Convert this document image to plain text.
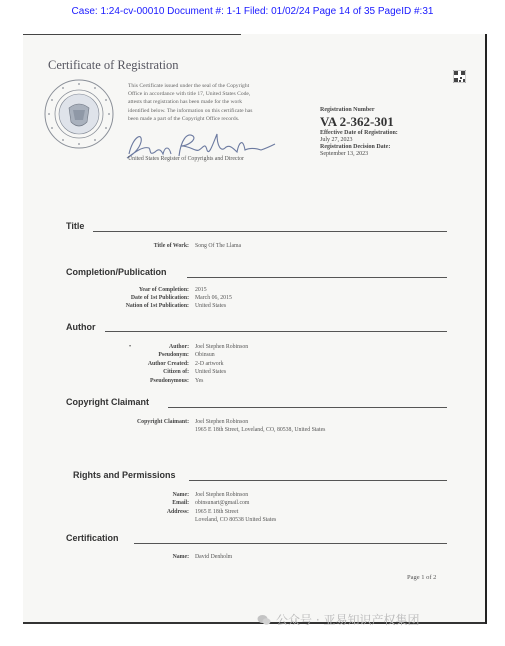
Case: 1:24-cv-00010 Document #: 1-1 Filed: 01/02/24 Page 14 of 35 PageID #:31
Certificate of Registration
This Certificate issued under the seal of the Copyright
Office in accordance with title 17, United States Code,
attests that registration has been made for the work
identified below. The information on this certificate has
been made a part of the Copyright Office records.
United States Register of Copyrights and Director
Registration Number
VA 2-362-301
Effective Date of Registration:
July 27, 2023
Registration Decision Date:
September 13, 2023
Title
Title of Work: Song Of The Llama
Completion/Publication
Year of Completion: 2015
Date of 1st Publication: March 06, 2015
Nation of 1st Publication: United States
Author
•	Author: Joel Stephen Robinson
Pseudonym: Obinsun
Author Created: 2-D artwork
Citizen of: United States
Pseudonymous: Yes
Copyright Claimant
Copyright Claimant: Joel Stephen Robinson
1965 E 18th Street, Loveland, CO, 80538, United States
Rights and Permissions
Name: Joel Stephen Robinson
Email: obinsunart@gmail.com
Address: 1965 E 18th Street
Loveland, CO 80538 United States
Certification
Name: David Denholm
Page 1 of 2
公众号 · 亚易知识产权集团
